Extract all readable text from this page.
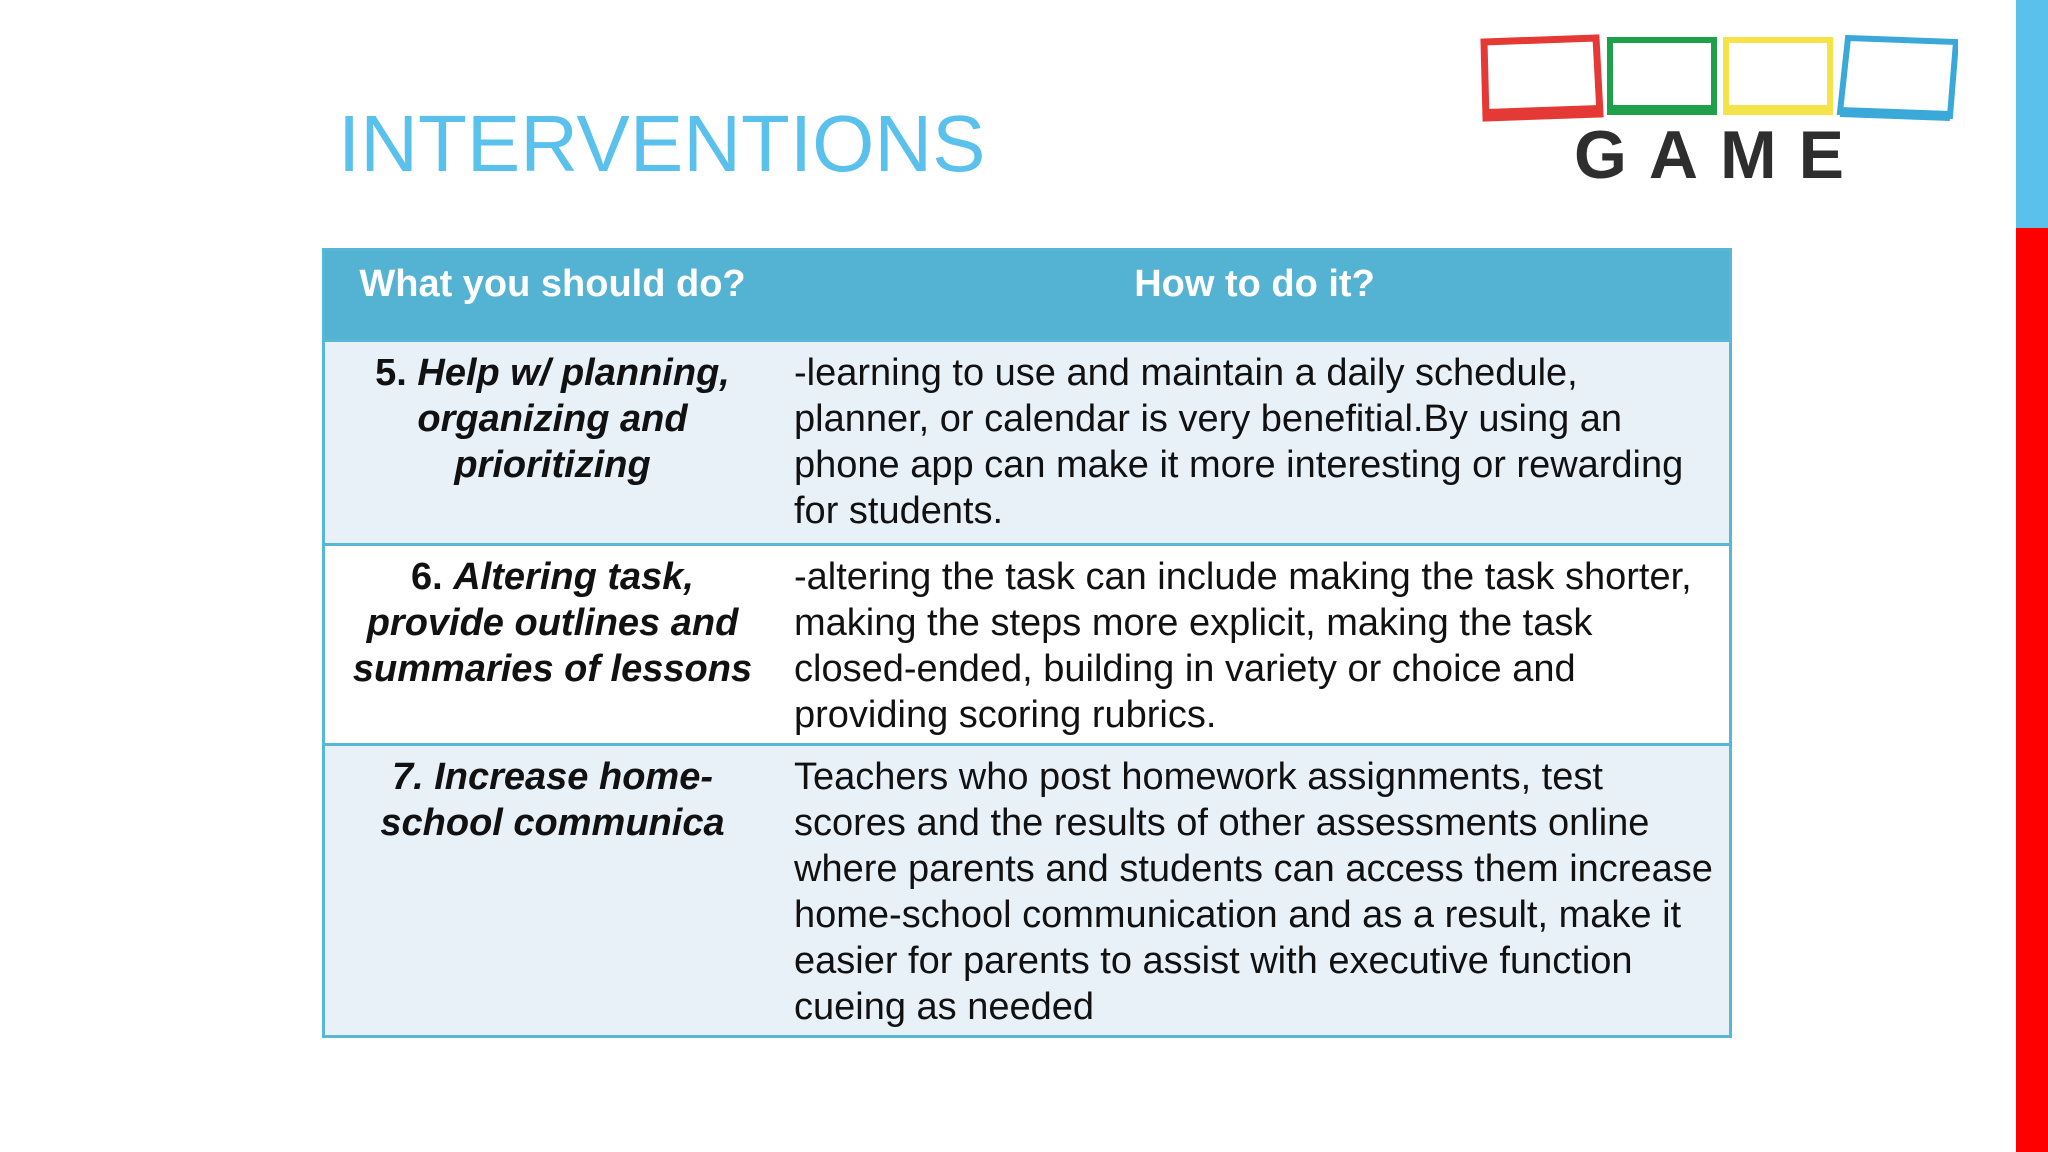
INTERVENTIONS	GAME
What you should do?	How to do it?
5. Help w/ planning, organizing and prioritizing
-learning to use and maintain a daily schedule, planner, or calendar is very benefitial.By using an phone app can make it more interesting or rewarding for students.
6. Altering task, provide outlines and summaries of lessons
-altering the task can include making the task shorter, making the steps more explicit, making the task closed-ended, building in variety or choice and providing scoring rubrics.
7. Increase home-school communica
Teachers who post homework assignments, test scores and the results of other assessments online where parents and students can access them increase home-school communication and as a result, make it easier for parents to assist with executive function cueing as needed
